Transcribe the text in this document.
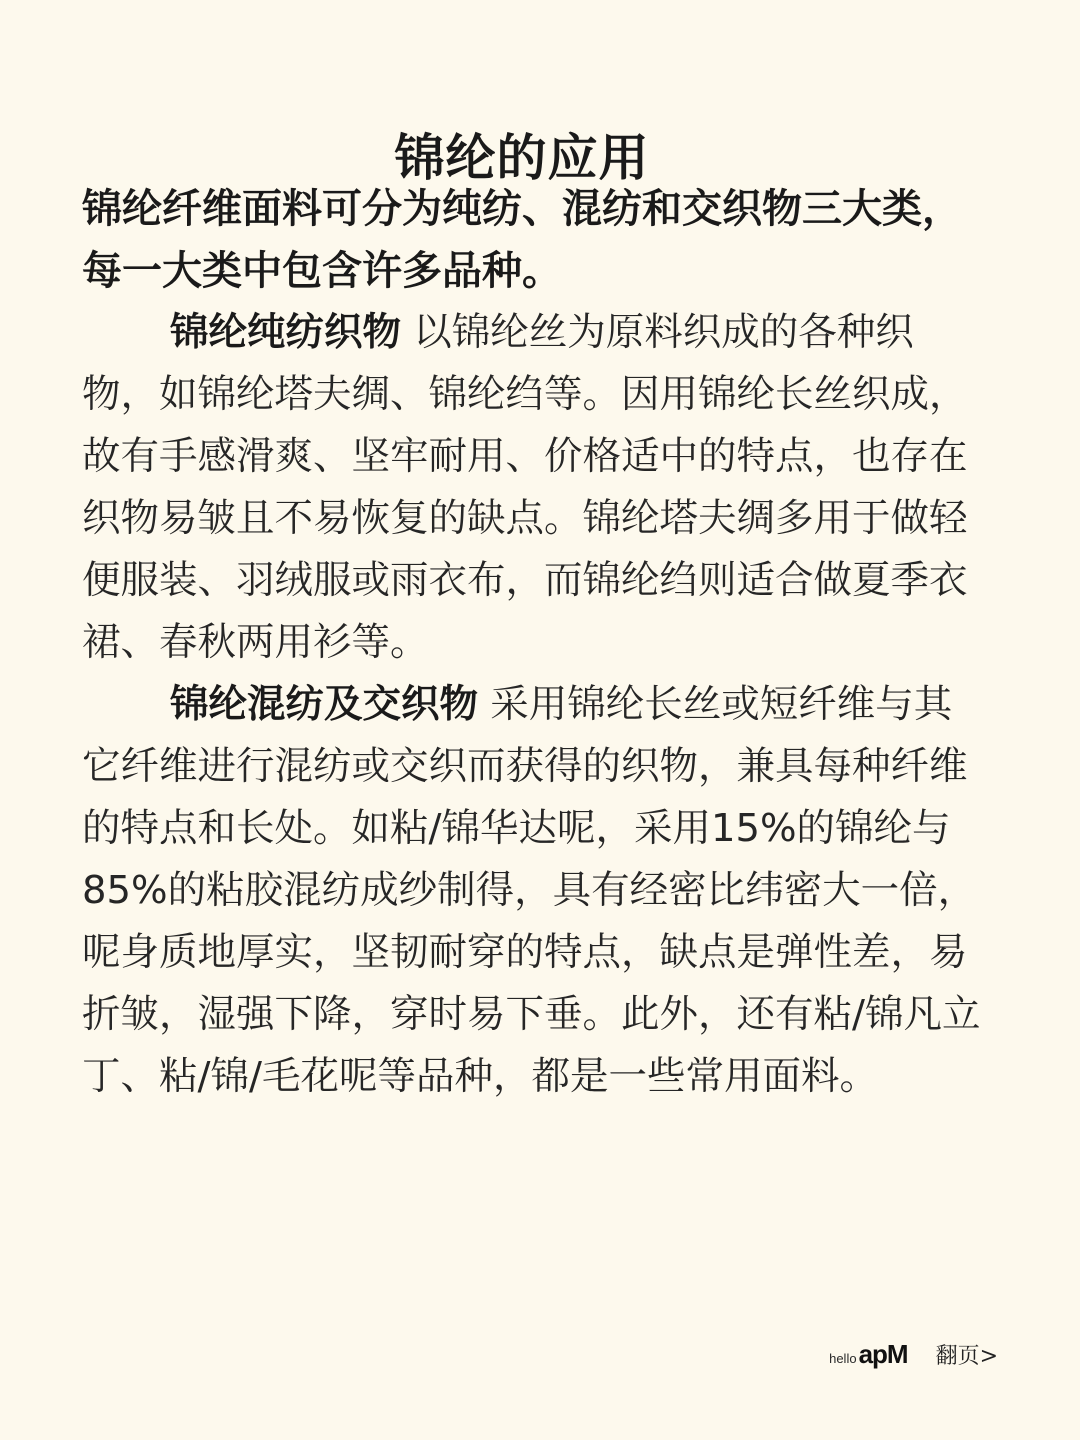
锦纶的应用

锦纶纤维面料可分为纯纺、混纺和交织物三大类，每一大类中包含许多品种。

锦纶纯纺织物 以锦纶丝为原料织成的各种织物，如锦纶塔夫绸、锦纶绉等。因用锦纶长丝织成，故有手感滑爽、坚牢耐用、价格适中的特点，也存在织物易皱且不易恢复的缺点。锦纶塔夫绸多用于做轻便服装、羽绒服或雨衣布，而锦纶绉则适合做夏季衣裙、春秋两用衫等。

锦纶混纺及交织物 采用锦纶长丝或短纤维与其它纤维进行混纺或交织而获得的织物，兼具每种纤维的特点和长处。如粘/锦华达呢，采用15%的锦纶与85%的粘胶混纺成纱制得，具有经密比纬密大一倍，呢身质地厚实，坚韧耐穿的特点，缺点是弹性差，易折皱，湿强下降，穿时易下垂。此外，还有粘/锦凡立丁、粘/锦/毛花呢等品种，都是一些常用面料。

hello apM 翻页>
